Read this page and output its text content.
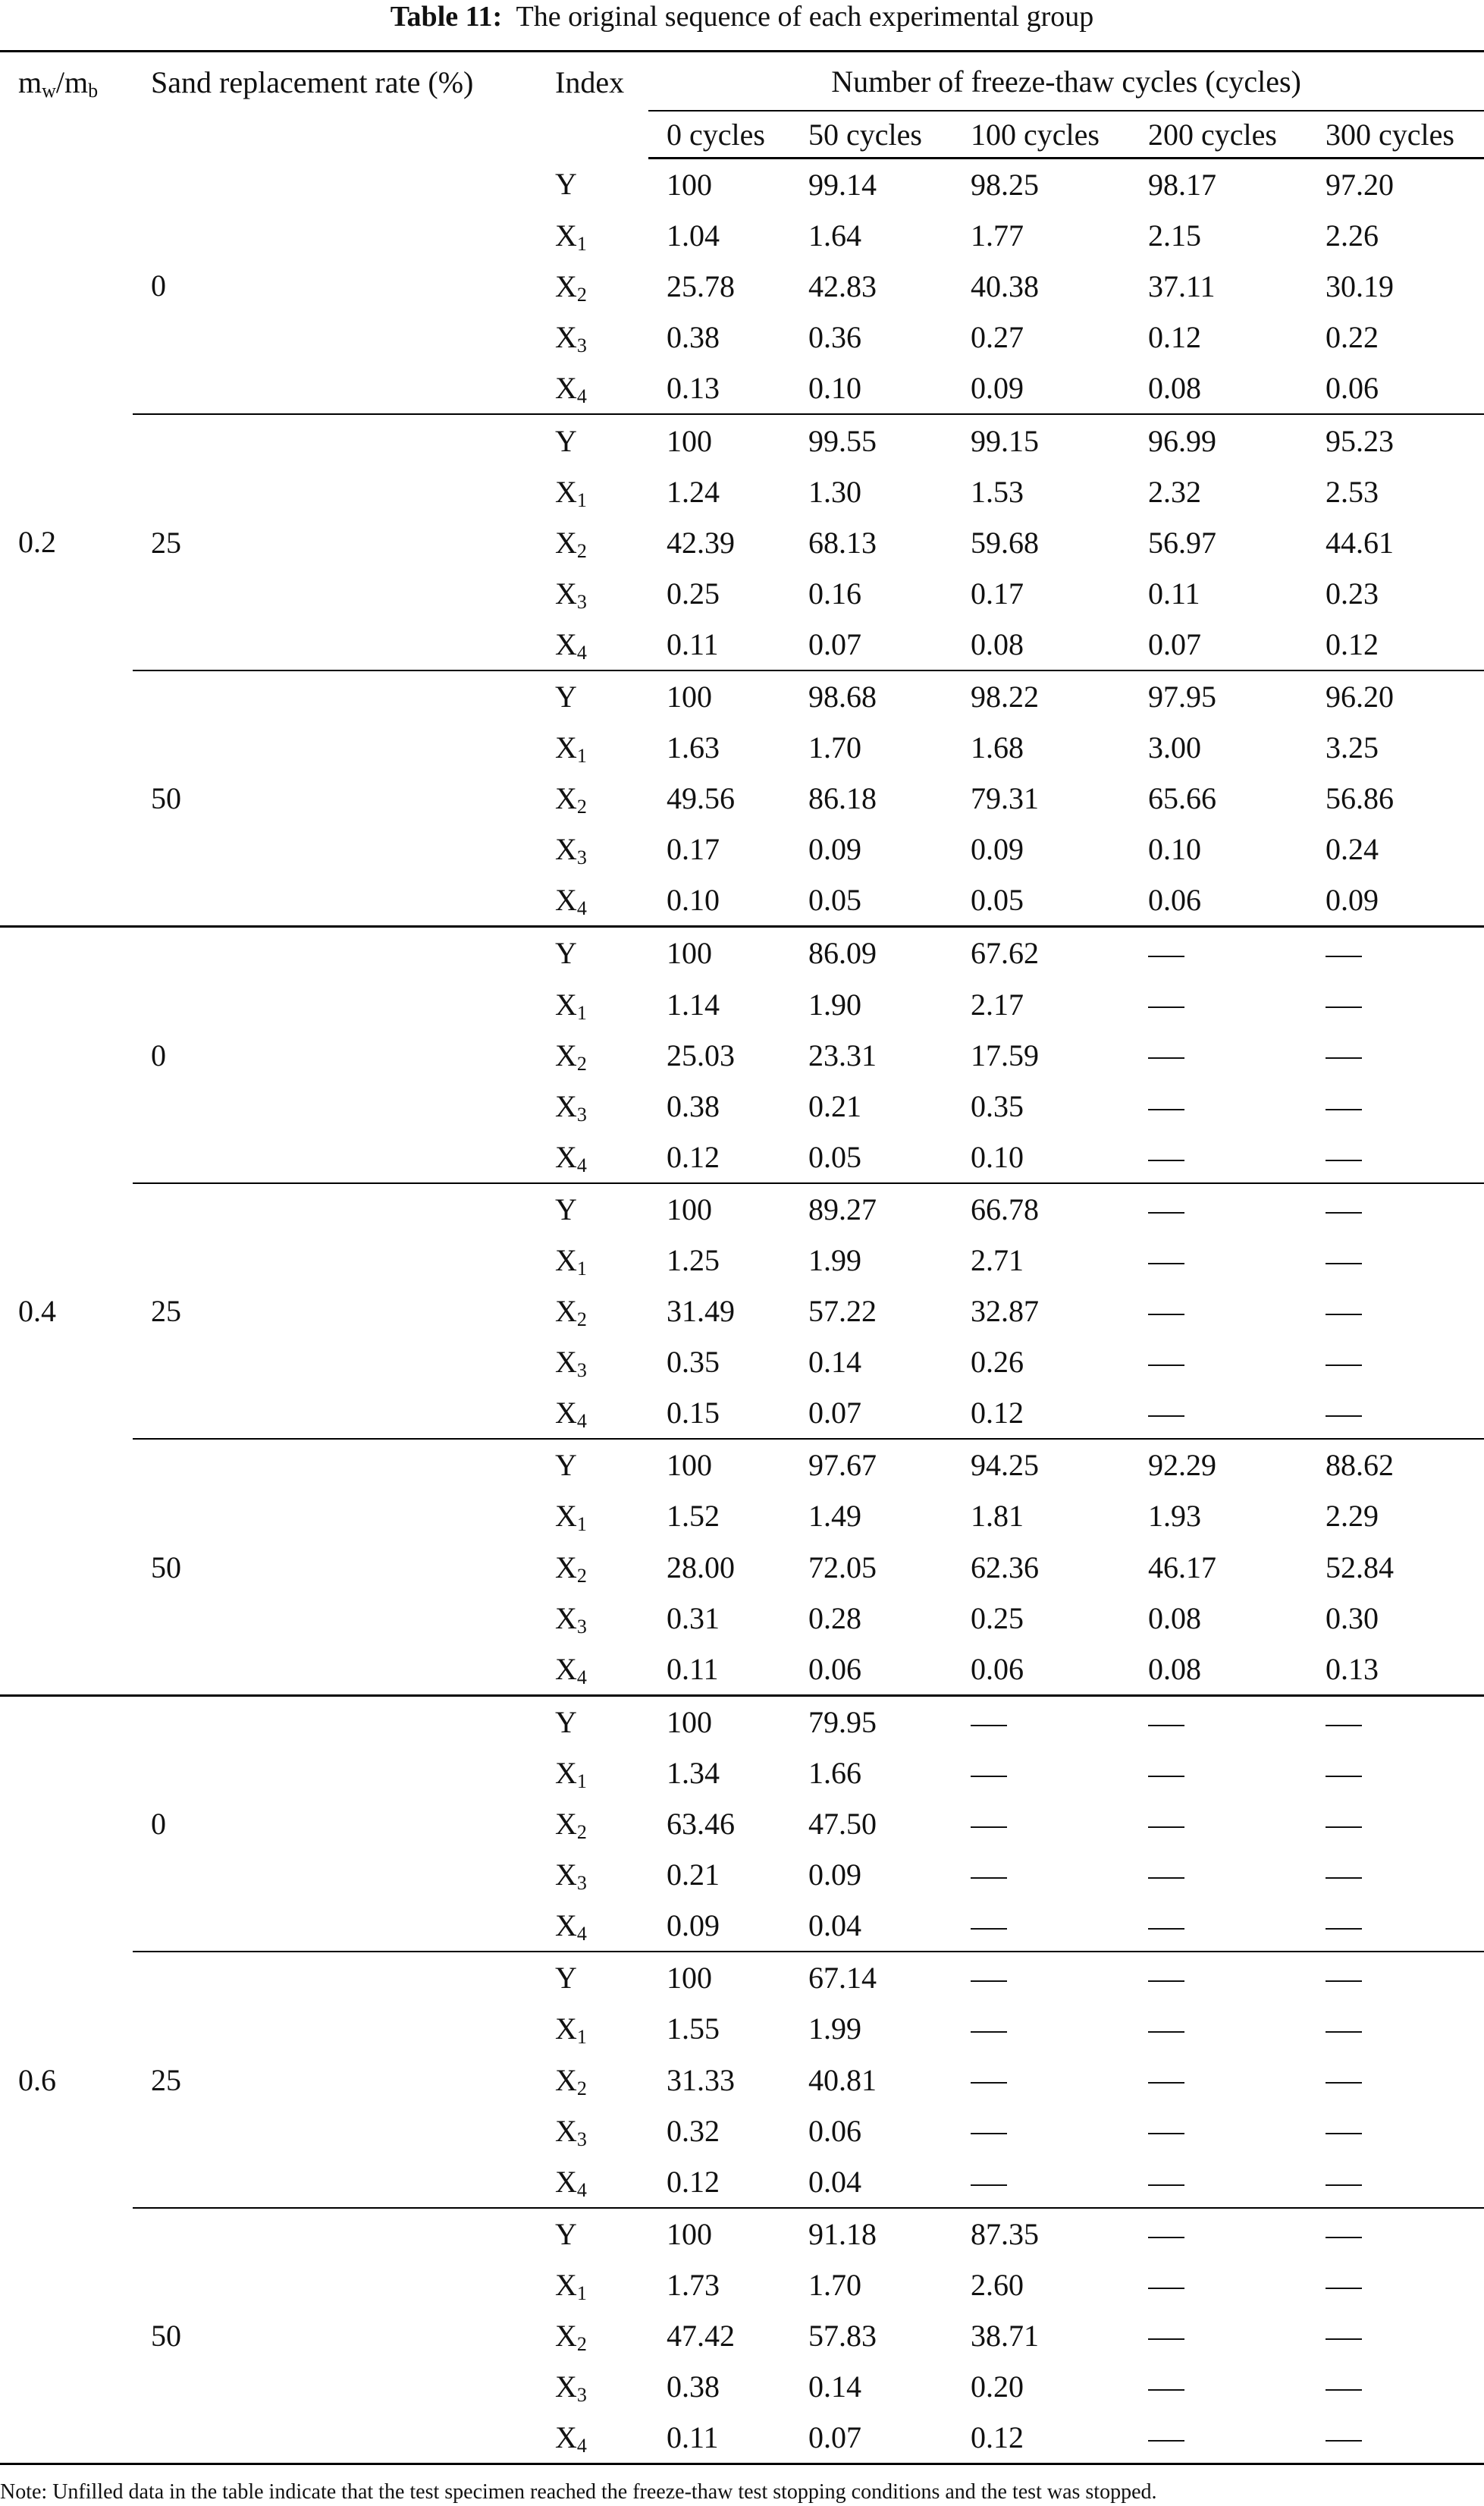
Table 11: The original sequence of each experimental group
$m_w/m_b$	Sand replacement rate (%)	Index	Number of freeze-thaw cycles (cycles)				
			0 cycles	50 cycles	100 cycles	200 cycles	300 cycles
0.2	0	Y	100	99.14	98.25	98.17	97.20
		$X_1$	1.04	1.64	1.77	2.15	2.26
		$X_2$	25.78	42.83	40.38	37.11	30.19
		$X_3$	0.38	0.36	0.27	0.12	0.22
		$X_4$	0.13	0.10	0.09	0.08	0.06
	25	Y	100	99.55	99.15	96.99	95.23
		$X_1$	1.24	1.30	1.53	2.32	2.53
		$X_2$	42.39	68.13	59.68	56.97	44.61
		$X_3$	0.25	0.16	0.17	0.11	0.23
		$X_4$	0.11	0.07	0.08	0.07	0.12
	50	Y	100	98.68	98.22	97.95	96.20
		$X_1$	1.63	1.70	1.68	3.00	3.25
		$X_2$	49.56	86.18	79.31	65.66	56.86
		$X_3$	0.17	0.09	0.09	0.10	0.24
		$X_4$	0.10	0.05	0.05	0.06	0.09
0.4	0	Y	100	86.09	67.62		
		$X_1$	1.14	1.90	2.17		
		$X_2$	25.03	23.31	17.59		
		$X_3$	0.38	0.21	0.35		
		$X_4$	0.12	0.05	0.10		
	25	Y	100	89.27	66.78		
		$X_1$	1.25	1.99	2.71		
		$X_2$	31.49	57.22	32.87		
		$X_3$	0.35	0.14	0.26		
		$X_4$	0.15	0.07	0.12		
	50	Y	100	97.67	94.25	92.29	88.62
		$X_1$	1.52	1.49	1.81	1.93	2.29
		$X_2$	28.00	72.05	62.36	46.17	52.84
		$X_3$	0.31	0.28	0.25	0.08	0.30
		$X_4$	0.11	0.06	0.06	0.08	0.13
0.6	0	Y	100	79.95			
		$X_1$	1.34	1.66			
		$X_2$	63.46	47.50			
		$X_3$	0.21	0.09			
		$X_4$	0.09	0.04			
	25	Y	100	67.14			
		$X_1$	1.55	1.99			
		$X_2$	31.33	40.81			
		$X_3$	0.32	0.06			
		$X_4$	0.12	0.04			
	50	Y	100	91.18	87.35		
		$X_1$	1.73	1.70	2.60		
		$X_2$	47.42	57.83	38.71		
		$X_3$	0.38	0.14	0.20		
		$X_4$	0.11	0.07	0.12		
Note: Unfilled data in the table indicate that the test specimen reached the freeze-thaw test stopping conditions and the test was stopped.
